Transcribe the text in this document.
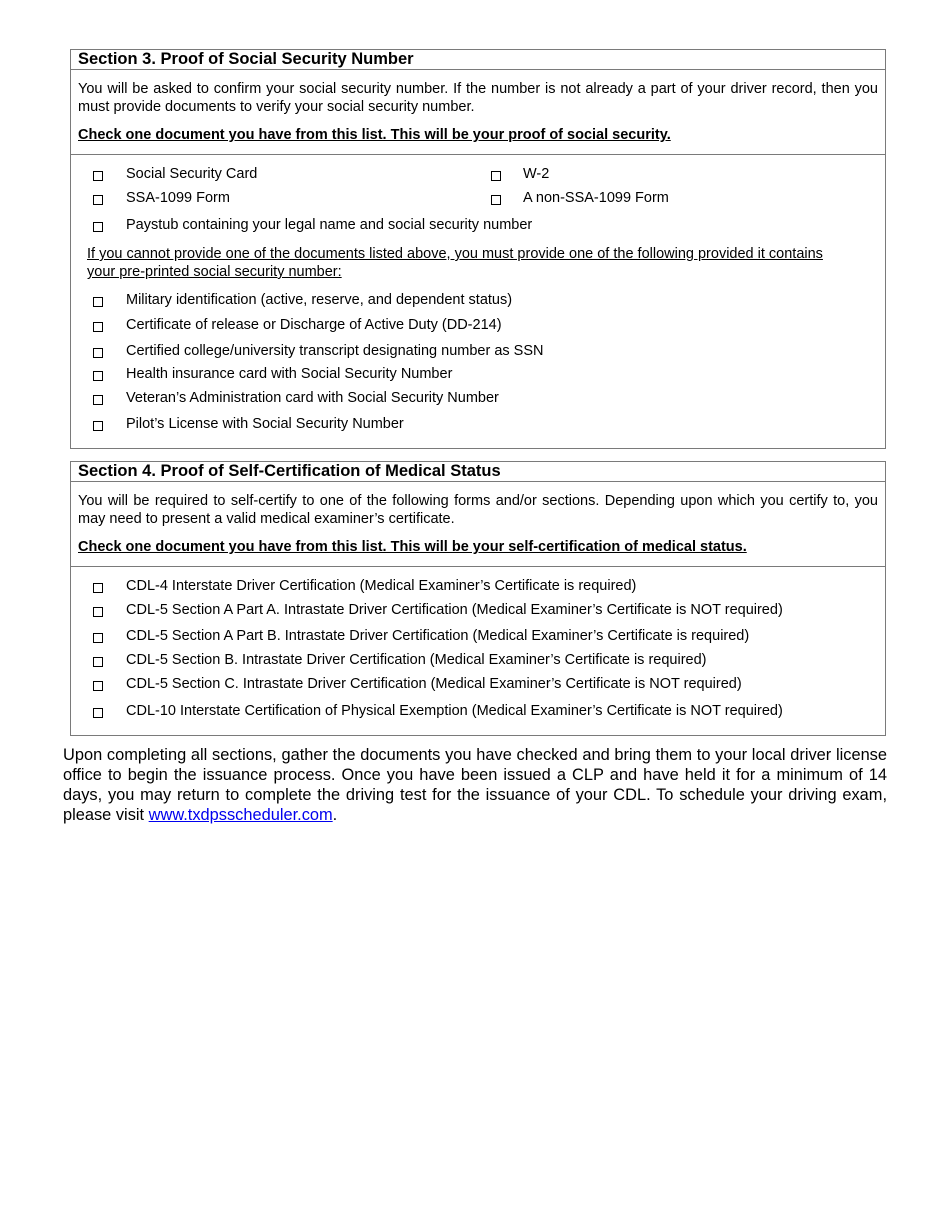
Section 3. Proof of Social Security Number

You will be asked to confirm your social security number. If the number is not already a part of your driver record, then you must provide documents to verify your social security number.

Check one document you have from this list. This will be your proof of social security.

Social Security Card	W-2
SSA-1099 Form	A non-SSA-1099 Form
Paystub containing your legal name and social security number
If you cannot provide one of the documents listed above, you must provide one of the following provided it contains your pre-printed social security number:
Military identification (active, reserve, and dependent status)
Certificate of release or Discharge of Active Duty (DD-214)
Certified college/university transcript designating number as SSN
Health insurance card with Social Security Number
Veteran’s Administration card with Social Security Number
Pilot’s License with Social Security Number
Section 4. Proof of Self-Certification of Medical Status

You will be required to self-certify to one of the following forms and/or sections. Depending upon which you certify to, you may need to present a valid medical examiner’s certificate.

Check one document you have from this list. This will be your self-certification of medical status.

CDL-4 Interstate Driver Certification (Medical Examiner’s Certificate is required)
CDL-5 Section A Part A. Intrastate Driver Certification (Medical Examiner’s Certificate is NOT required)
CDL-5 Section A Part B. Intrastate Driver Certification (Medical Examiner’s Certificate is required)
CDL-5 Section B. Intrastate Driver Certification (Medical Examiner’s Certificate is required)
CDL-5 Section C. Intrastate Driver Certification (Medical Examiner’s Certificate is NOT required)
CDL-10 Interstate Certification of Physical Exemption (Medical Examiner’s Certificate is NOT required)
Upon completing all sections, gather the documents you have checked and bring them to your local driver license office to begin the issuance process. Once you have been issued a CLP and have held it for a minimum of 14 days, you may return to complete the driving test for the issuance of your CDL. To schedule your driving exam, please visit www.txdpsscheduler.com.
